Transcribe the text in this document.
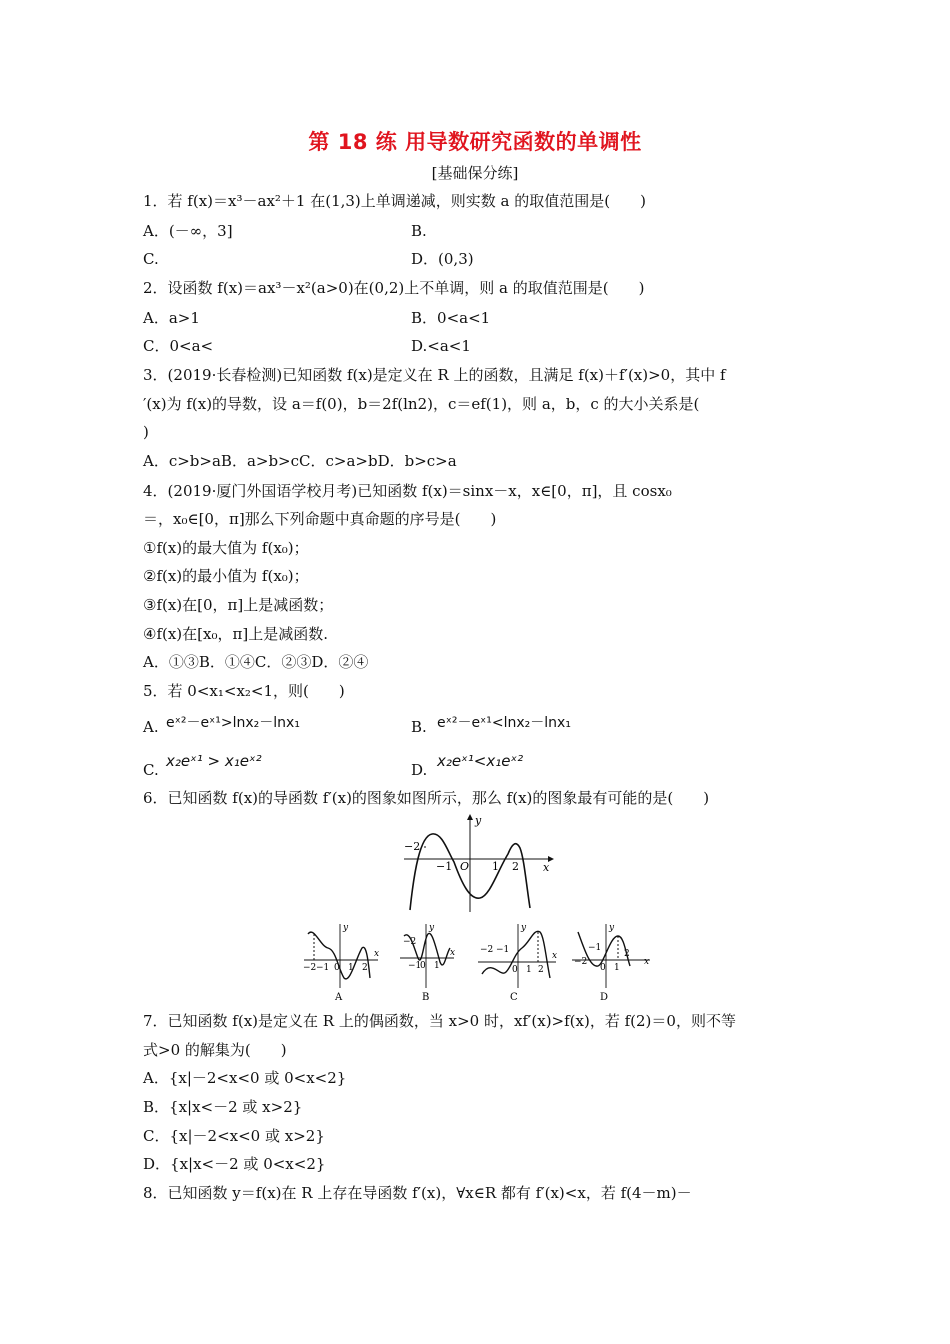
第 18 练 用导数研究函数的单调性
[基础保分练]
1．若 f(x)＝x³－ax²＋1 在(1,3)上单调递减，则实数 a 的取值范围是(　　)
A．(－∞，3]	B.
C.	D．(0,3)
2．设函数 f(x)＝ax³－x²(a>0)在(0,2)上不单调，则 a 的取值范围是(　　)
A．a>1	B．0<a<1
C．0<a<	D.<a<1
3．(2019·长春检测)已知函数 f(x)是定义在 R 上的函数，且满足 f(x)＋f′(x)>0，其中 f
′(x)为 f(x)的导数，设 a＝f(0)，b＝2f(ln2)，c＝ef(1)，则 a，b，c 的大小关系是(
)
A．c>b>aB．a>b>cC．c>a>bD．b>c>a
4．(2019·厦门外国语学校月考)已知函数 f(x)＝sinx－x，x∈[0，π]，且 cosx₀
＝，x₀∈[0，π]那么下列命题中真命题的序号是(　　)
①f(x)的最大值为 f(x₀)；
②f(x)的最小值为 f(x₀)；
③f(x)在[0，π]上是减函数；
④f(x)在[x₀，π]上是减函数.
A．①③B．①④C．②③D．②④
5．若 0<x₁<x₂<1，则(　　)
A. eˣ²－eˣ¹>lnx₂－lnx₁	B. eˣ²－eˣ¹<lnx₂－lnx₁
C. x₂eˣ¹ > x₁eˣ²	D. x₂eˣ¹<x₁eˣ²
6．已知函数 f(x)的导函数 f′(x)的图象如图所示，那么 f(x)的图象最有可能的是(　　)
x
y
−2
−1 O 1 2
x
y
−2 −1 0 1 2
A
x
y
−2
−1
0 1
B
x
y
−2 −1
0 1 2
C
x
y
−2
−1
0 1
2
D
7．已知函数 f(x)是定义在 R 上的偶函数，当 x>0 时，xf′(x)>f(x)，若 f(2)＝0，则不等
式>0 的解集为(　　)
A．{x|－2<x<0 或 0<x<2}
B．{x|x<－2 或 x>2}
C．{x|－2<x<0 或 x>2}
D．{x|x<－2 或 0<x<2}
8．已知函数 y＝f(x)在 R 上存在导函数 f′(x)，∀x∈R 都有 f′(x)<x，若 f(4－m)－
